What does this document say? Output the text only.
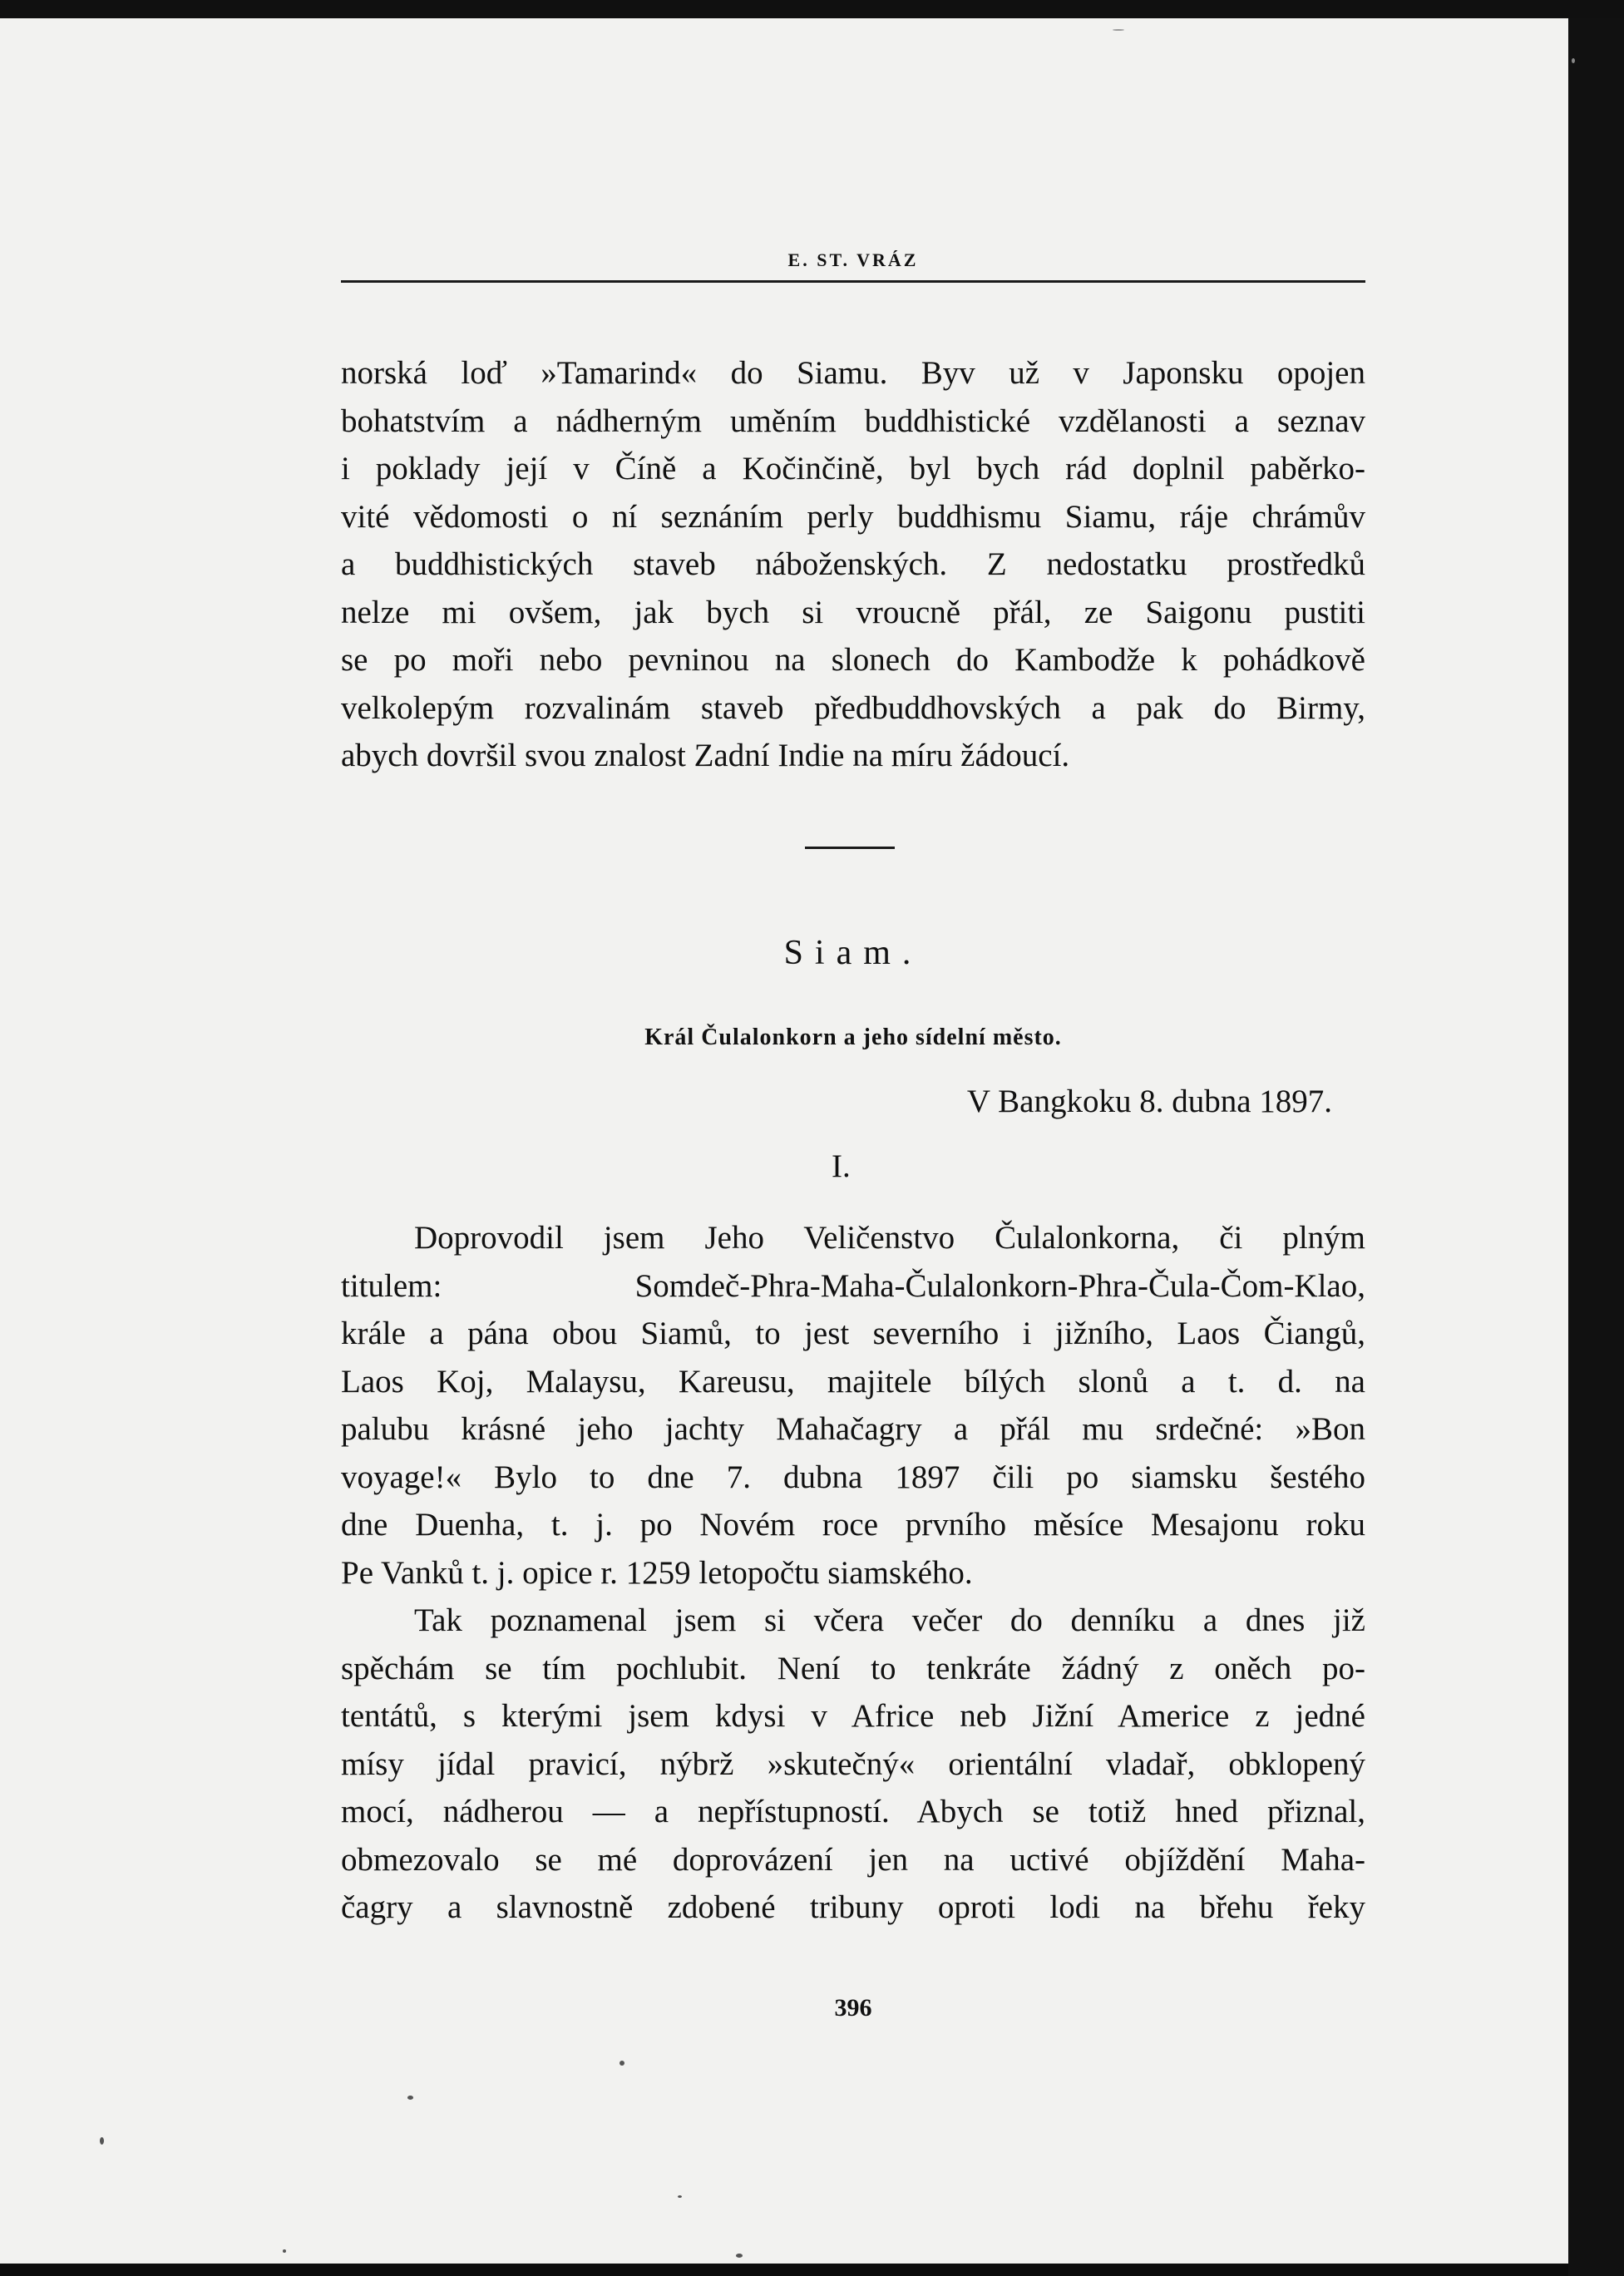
E. ST. VRÁZ
norská loď »Tamarind« do Siamu. Byv už v Japonsku opojen
bohatstvím a nádherným uměním buddhistické vzdělanosti a seznav
i poklady její v Číně a Kočinčině, byl bych rád doplnil paběrko-
vité vědomosti o ní seznáním perly buddhismu Siamu, ráje chrámův
a buddhistických staveb náboženských. Z nedostatku prostředků
nelze mi ovšem, jak bych si vroucně přál, ze Saigonu pustiti
se po moři nebo pevninou na slonech do Kambodže k pohádkově
velkolepým rozvalinám staveb předbuddhovských a pak do Birmy,
abych dovršil svou znalost Zadní Indie na míru žádoucí.
Siam.
Král Čulalonkorn a jeho sídelní město.
V Bangkoku 8. dubna 1897.
I.
Doprovodil jsem Jeho Veličenstvo Čulalonkorna, či plným
titulem: Somdeč-Phra-Maha-Čulalonkorn-Phra-Čula-Čom-Klao,
krále a pána obou Siamů, to jest severního i jižního, Laos Čiangů,
Laos Koj, Malaysu, Kareusu, majitele bílých slonů a t. d. na
palubu krásné jeho jachty Mahačagry a přál mu srdečné: »Bon
voyage!« Bylo to dne 7. dubna 1897 čili po siamsku šestého
dne Duenha, t. j. po Novém roce prvního měsíce Mesajonu roku
Pe Vanků t. j. opice r. 1259 letopočtu siamského.
Tak poznamenal jsem si včera večer do denníku a dnes již
spěchám se tím pochlubit. Není to tenkráte žádný z oněch po-
tentátů, s kterými jsem kdysi v Africe neb Jižní Americe z jedné
mísy jídal pravicí, nýbrž »skutečný« orientální vladař, obklopený
mocí, nádherou — a nepřístupností. Abych se totiž hned přiznal,
obmezovalo se mé doprovázení jen na uctivé objíždění Maha-
čagry a slavnostně zdobené tribuny oproti lodi na břehu řeky
396
